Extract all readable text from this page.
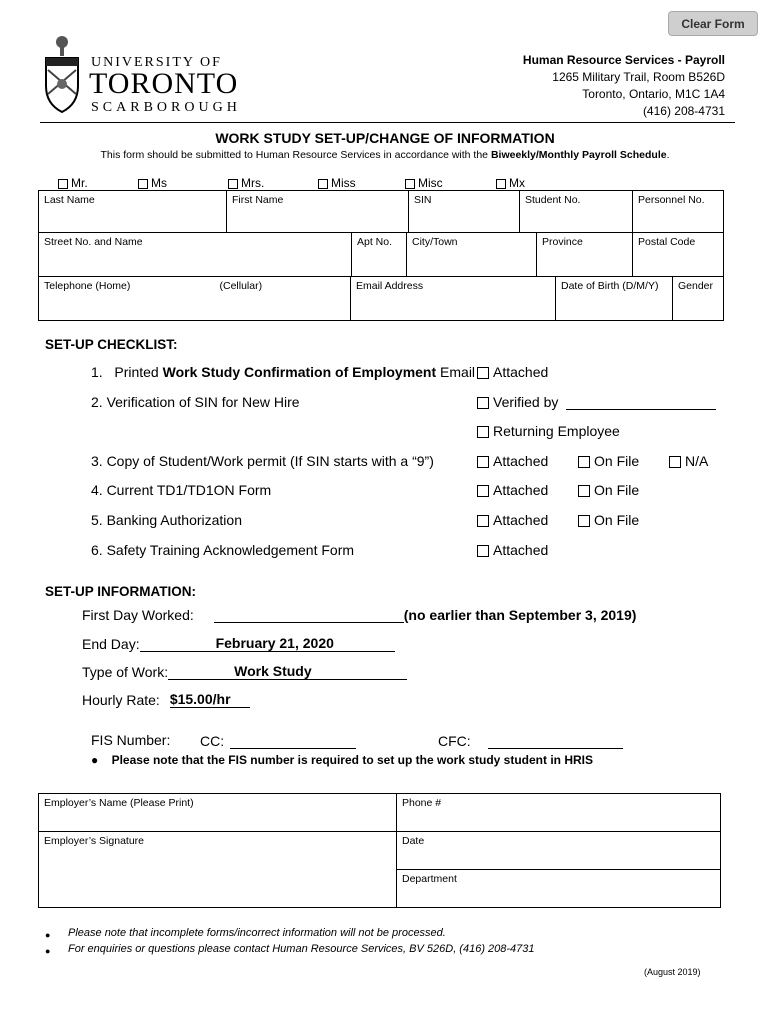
Clear Form
UNIVERSITY OF
TORONTO
SCARBOROUGH
Human Resource Services - Payroll
1265 Military Trail, Room B526D
Toronto, Ontario, M1C 1A4
(416) 208-4731
WORK STUDY SET-UP/CHANGE OF INFORMATION
This form should be submitted to Human Resource Services in accordance with the Biweekly/Monthly Payroll Schedule.
Mr.	Ms	Mrs.	Miss	Misc	Mx
Last Name	First Name	SIN	Student No.	Personnel No.
Street No. and Name	Apt No.	City/Town	Province	Postal Code
Telephone (Home)	(Cellular)	Email Address	Date of Birth (D/M/Y)	Gender
SET-UP CHECKLIST:
1. Printed Work Study Confirmation of Employment Email	Attached
2. Verification of SIN for New Hire	Verified by
Returning Employee
3. Copy of Student/Work permit (If SIN starts with a “9”)	Attached	On File	N/A
4. Current TD1/TD1ON Form	Attached	On File
5. Banking Authorization	Attached	On File
6. Safety Training Acknowledgement Form	Attached
SET-UP INFORMATION:
First Day Worked:	(no earlier than September 3, 2019)
End Day:	February 21, 2020
Type of Work:	Work Study
Hourly Rate: $15.00/hr
FIS Number: CC:	CFC:
● Please note that the FIS number is required to set up the work study student in HRIS
Employer’s Name (Please Print)	Phone #
Employer’s Signature	Date
	Department
● Please note that incomplete forms/incorrect information will not be processed.
● For enquiries or questions please contact Human Resource Services, BV 526D, (416) 208-4731
(August 2019)
